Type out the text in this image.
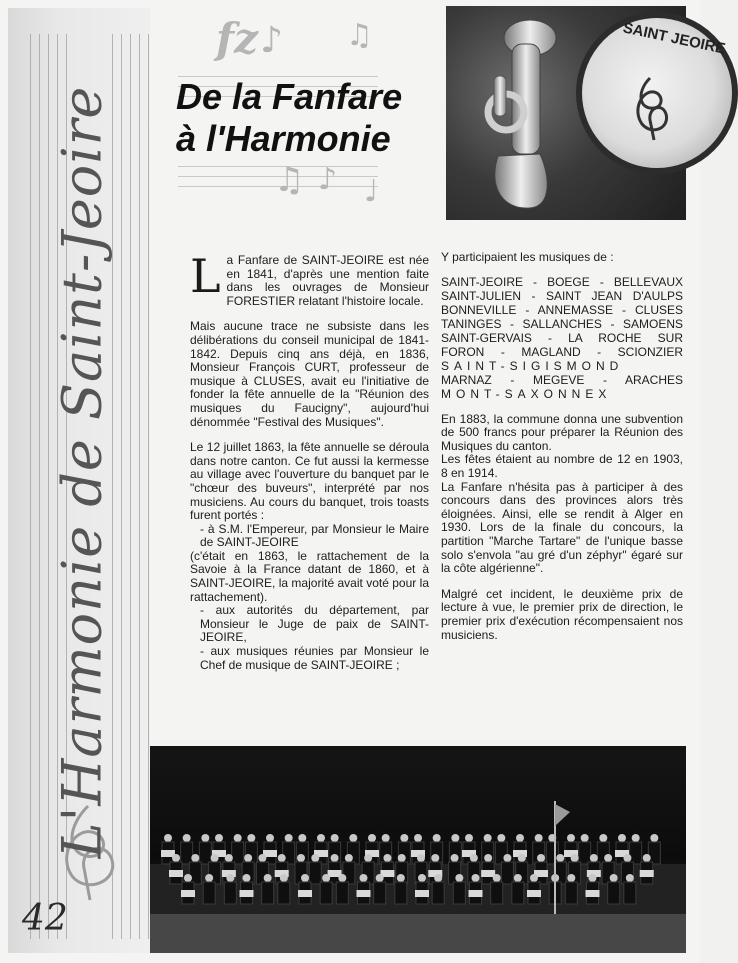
L'Harmonie de Saint-Jeoire
42
fz ♪ ♫
♫ ♪ ♩
De la Fanfare
à l'Harmonie
SAINT JEOIRE

La Fanfare de SAINT-JEOIRE est née en 1841, d'après une mention faite dans les ouvrages de Monsieur FORESTIER relatant l'histoire locale.

Mais aucune trace ne subsiste dans les délibérations du conseil municipal de 1841-1842. Depuis cinq ans déjà, en 1836, Monsieur François CURT, professeur de musique à CLUSES, avait eu l'initiative de fonder la fête annuelle de la "Réunion des musiques du Faucigny", aujourd'hui dénommée "Festival des Musiques".

Le 12 juillet 1863, la fête annuelle se déroula dans notre canton. Ce fut aussi la kermesse au village avec l'ouverture du banquet par le "chœur des buveurs", interprété par nos musiciens. Au cours du banquet, trois toasts furent portés :

- à S.M. l'Empereur, par Monsieur le Maire de SAINT-JEOIRE
(c'était en 1863, le rattachement de la Savoie à la France datant de 1860, et à SAINT-JEOIRE, la majorité avait voté pour la rattachement).
- aux autorités du département, par Monsieur le Juge de paix de SAINT-JEOIRE,
- aux musiques réunies par Monsieur le Chef de musique de SAINT-JEOIRE ;

Y participaient les musiques de :

SAINT-JEOIRE - BOEGE - BELLEVAUX
SAINT-JULIEN - SAINT JEAN D'AULPS
BONNEVILLE - ANNEMASSE - CLUSES
TANINGES - SALLANCHES - SAMOENS
SAINT-GERVAIS - LA ROCHE SUR
FORON - MAGLAND - SCIONZIER
SAINT-SIGISMOND
MARNAZ - MEGEVE - ARACHES
MONT-SAXONNEX

En 1883, la commune donna une subvention de 500 francs pour préparer la Réunion des Musiques du canton.

Les fêtes étaient au nombre de 12 en 1903, 8 en 1914.

La Fanfare n'hésita pas à participer à des concours dans des provinces alors très éloignées. Ainsi, elle se rendit à Alger en 1930. Lors de la finale du concours, la partition "Marche Tartare" de l'unique basse solo s'envola "au gré d'un zéphyr" égaré sur la côte algérienne".

Malgré cet incident, le deuxième prix de lecture à vue, le premier prix de direction, le premier prix d'exécution récompensaient nos musiciens.
